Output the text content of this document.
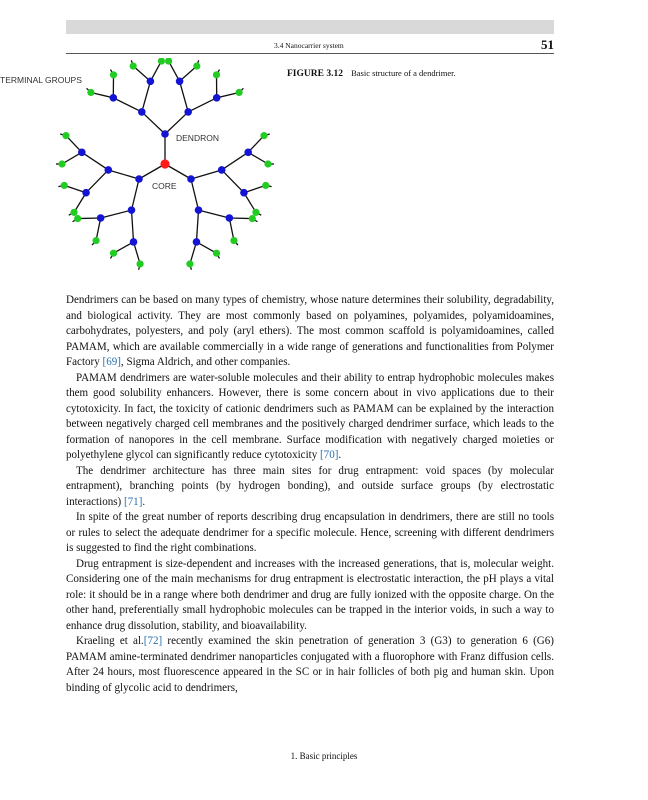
3.4 Nanocarrier system	51
TERMINAL GROUPS
DENDRON
CORE
FIGURE 3.12 Basic structure of a dendrimer.

Dendrimers can be based on many types of chemistry, whose nature determines their solubility, degradability, and biological activity. They are most commonly based on polyamines, polyamides, polyamidoamines, carbohydrates, polyesters, and poly (aryl ethers). The most common scaffold is polyamidoamines, called PAMAM, which are available commercially in a wide range of generations and functionalities from Polymer Factory [69], Sigma Aldrich, and other companies.

PAMAM dendrimers are water-soluble molecules and their ability to entrap hydrophobic molecules makes them good solubility enhancers. However, there is some concern about in vivo applications due to their cytotoxicity. In fact, the toxicity of cationic dendrimers such as PAMAM can be explained by the interaction between negatively charged cell membranes and the positively charged dendrimer surface, which leads to the formation of nanopores in the cell membrane. Surface modification with negatively charged moieties or polyethylene glycol can significantly reduce cytotoxicity [70].

The dendrimer architecture has three main sites for drug entrapment: void spaces (by molecular entrapment), branching points (by hydrogen bonding), and outside surface groups (by electrostatic interactions) [71].

In spite of the great number of reports describing drug encapsulation in dendrimers, there are still no tools or rules to select the adequate dendrimer for a specific molecule. Hence, screening with different dendrimers is suggested to find the right combinations.

Drug entrapment is size-dependent and increases with the increased generations, that is, molecular weight. Considering one of the main mechanisms for drug entrapment is electrostatic interaction, the pH plays a vital role: it should be in a range where both dendrimer and drug are fully ionized with the opposite charge. On the other hand, preferentially small hydrophobic molecules can be trapped in the interior voids, in such a way to enhance drug dissolution, stability, and bioavailability.

Kraeling et al.[72] recently examined the skin penetration of generation 3 (G3) to generation 6 (G6) PAMAM amine-terminated dendrimer nanoparticles conjugated with a fluorophore with Franz diffusion cells. After 24 hours, most fluorescence appeared in the SC or in hair follicles of both pig and human skin. Upon binding of glycolic acid to dendrimers,

1. Basic principles
